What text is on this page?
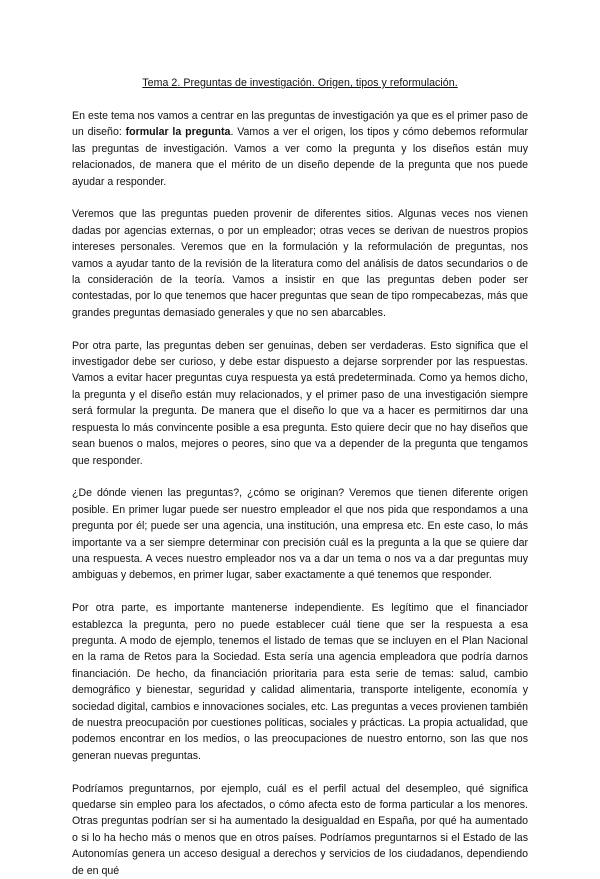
Tema 2. Preguntas de investigación. Origen, tipos y reformulación.

En este tema nos vamos a centrar en las preguntas de investigación ya que es el primer paso de un diseño: formular la pregunta. Vamos a ver el origen, los tipos y cómo debemos reformular las preguntas de investigación. Vamos a ver como la pregunta y los diseños están muy relacionados, de manera que el mérito de un diseño depende de la pregunta que nos puede ayudar a responder.

Veremos que las preguntas pueden provenir de diferentes sitios. Algunas veces nos vienen dadas por agencias externas, o por un empleador; otras veces se derivan de nuestros propios intereses personales. Veremos que en la formulación y la reformulación de preguntas, nos vamos a ayudar tanto de la revisión de la literatura como del análisis de datos secundarios o de la consideración de la teoría. Vamos a insistir en que las preguntas deben poder ser contestadas, por lo que tenemos que hacer preguntas que sean de tipo rompecabezas, más que grandes preguntas demasiado generales y que no sen abarcables.

Por otra parte, las preguntas deben ser genuinas, deben ser verdaderas. Esto significa que el investigador debe ser curioso, y debe estar dispuesto a dejarse sorprender por las respuestas. Vamos a evitar hacer preguntas cuya respuesta ya está predeterminada. Como ya hemos dicho, la pregunta y el diseño están muy relacionados, y el primer paso de una investigación siempre será formular la pregunta. De manera que el diseño lo que va a hacer es permitirnos dar una respuesta lo más convincente posible a esa pregunta. Esto quiere decir que no hay diseños que sean buenos o malos, mejores o peores, sino que va a depender de la pregunta que tengamos que responder.

¿De dónde vienen las preguntas?, ¿cómo se originan? Veremos que tienen diferente origen posible. En primer lugar puede ser nuestro empleador el que nos pida que respondamos a una pregunta por él; puede ser una agencia, una institución, una empresa etc. En este caso, lo más importante va a ser siempre determinar con precisión cuál es la pregunta a la que se quiere dar una respuesta. A veces nuestro empleador nos va a dar un tema o nos va a dar preguntas muy ambiguas y debemos, en primer lugar, saber exactamente a qué tenemos que responder.

Por otra parte, es importante mantenerse independiente. Es legítimo que el financiador establezca la pregunta, pero no puede establecer cuál tiene que ser la respuesta a esa pregunta. A modo de ejemplo, tenemos el listado de temas que se incluyen en el Plan Nacional en la rama de Retos para la Sociedad. Esta sería una agencia empleadora que podría darnos financiación. De hecho, da financiación prioritaria para esta serie de temas: salud, cambio demográfico y bienestar, seguridad y calidad alimentaria, transporte inteligente, economía y sociedad digital, cambios e innovaciones sociales, etc. Las preguntas a veces provienen también de nuestra preocupación por cuestiones políticas, sociales y prácticas. La propia actualidad, que podemos encontrar en los medios, o las preocupaciones de nuestro entorno, son las que nos generan nuevas preguntas.

Podríamos preguntarnos, por ejemplo, cuál es el perfil actual del desempleo, qué significa quedarse sin empleo para los afectados, o cómo afecta esto de forma particular a los menores. Otras preguntas podrían ser si ha aumentado la desigualdad en España, por qué ha aumentado o si lo ha hecho más o menos que en otros países. Podríamos preguntarnos si el Estado de las Autonomías genera un acceso desigual a derechos y servicios de los ciudadanos, dependiendo de en qué
